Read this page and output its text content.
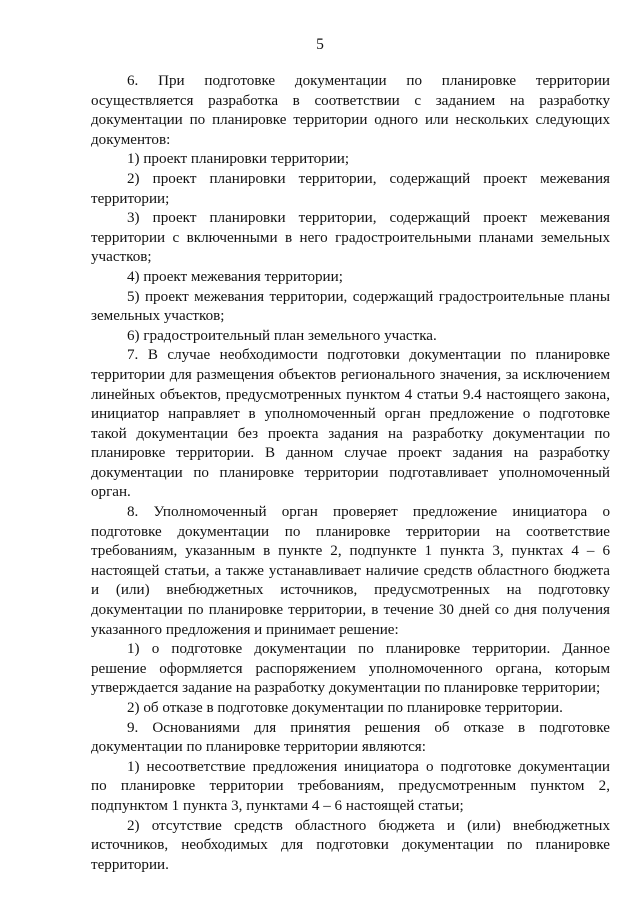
5

6. При подготовке документации по планировке территории осуществляется разработка в соответствии с заданием на разработку документации по планировке территории одного или нескольких следующих документов:

1) проект планировки территории;

2) проект планировки территории, содержащий проект межевания территории;

3) проект планировки территории, содержащий проект межевания территории с включенными в него градостроительными планами земельных участков;

4) проект межевания территории;

5) проект межевания территории, содержащий градостроительные планы земельных участков;

6) градостроительный план земельного участка.

7. В случае необходимости подготовки документации по планировке территории для размещения объектов регионального значения, за исключением линейных объектов, предусмотренных пунктом 4 статьи 9.4 настоящего закона, инициатор направляет в уполномоченный орган предложение о подготовке такой документации без проекта задания на разработку документации по планировке территории. В данном случае проект задания на разработку документации по планировке территории подготавливает уполномоченный орган.

8. Уполномоченный орган проверяет предложение инициатора о подготовке документации по планировке территории на соответствие требованиям, указанным в пункте 2, подпункте 1 пункта 3, пунктах 4 – 6 настоящей статьи, а также устанавливает наличие средств областного бюджета и (или) внебюджетных источников, предусмотренных на подготовку документации по планировке территории, в течение 30 дней со дня получения указанного предложения и принимает решение:

1) о подготовке документации по планировке территории. Данное решение оформляется распоряжением уполномоченного органа, которым утверждается задание на разработку документации по планировке территории;

2) об отказе в подготовке документации по планировке территории.

9. Основаниями для принятия решения об отказе в подготовке документации по планировке территории являются:

1) несоответствие предложения инициатора о подготовке документации по планировке территории требованиям, предусмотренным пунктом 2, подпунктом 1 пункта 3, пунктами 4 – 6 настоящей статьи;

2) отсутствие средств областного бюджета и (или) внебюджетных источников, необходимых для подготовки документации по планировке территории.
